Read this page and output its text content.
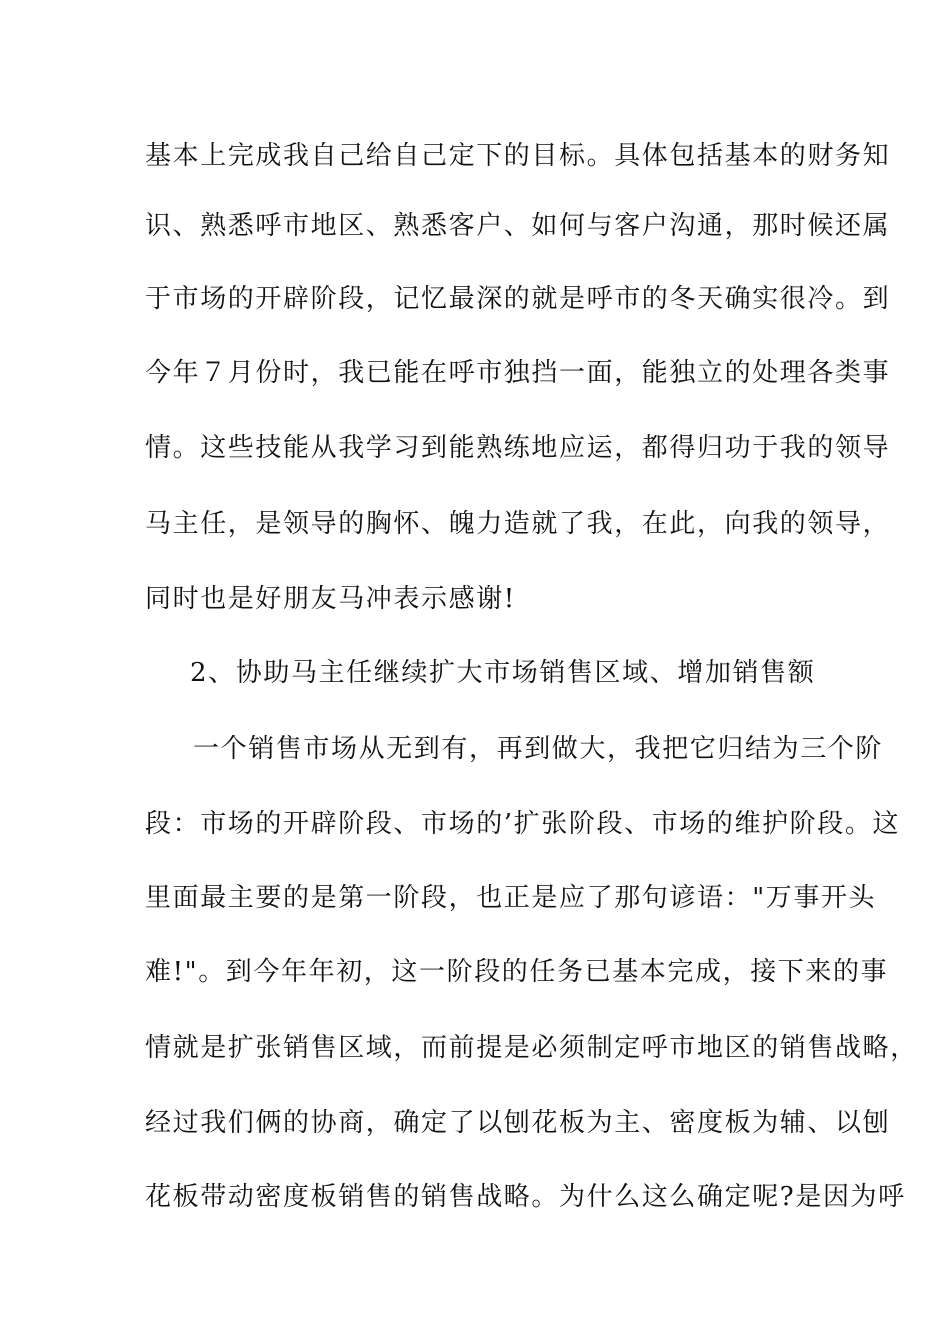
基本上完成我自己给自己定下的目标。具体包括基本的财务知
识、熟悉呼市地区、熟悉客户、如何与客户沟通，那时候还属
于市场的开辟阶段，记忆最深的就是呼市的冬天确实很冷。到
今年７月份时，我已能在呼市独挡一面，能独立的处理各类事
情。这些技能从我学习到能熟练地应运，都得归功于我的领导
马主任，是领导的胸怀、魄力造就了我，在此，向我的领导，
同时也是好朋友马冲表示感谢!
2、协助马主任继续扩大市场销售区域、增加销售额
一个销售市场从无到有，再到做大，我把它归结为三个阶
段：市场的开辟阶段、市场的’扩张阶段、市场的维护阶段。这
里面最主要的是第一阶段，也正是应了那句谚语："万事开头
难!"。到今年年初，这一阶段的任务已基本完成，接下来的事
情就是扩张销售区域，而前提是必须制定呼市地区的销售战略，
经过我们俩的协商，确定了以刨花板为主、密度板为辅、以刨
花板带动密度板销售的销售战略。为什么这么确定呢?是因为呼
